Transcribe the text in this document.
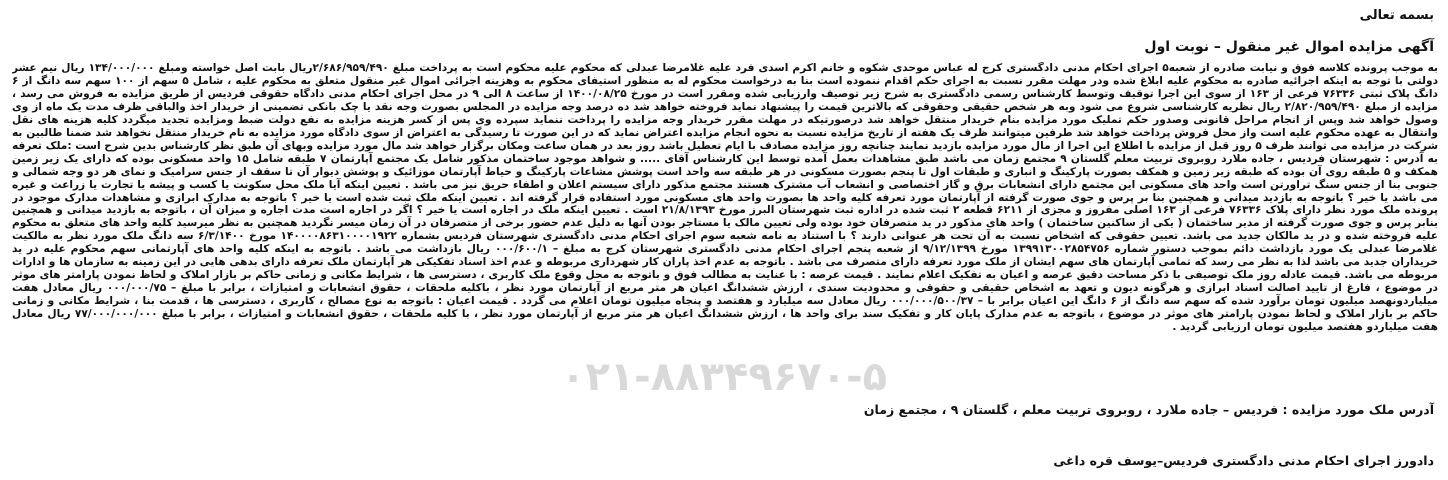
بسمه تعالی

آگهی مزایده اموال غیر منقول – نوبت اول

به موجب پرونده کلاسه فوق و نیابت صادره از شعبه۵ اجرای احکام مدنی دادگستری کرج له عباس موحدی شکوه و خانم اکرم اسدی فرد علیه غلامرضا عبدلی که محکوم علیه محکوم است به پرداخت مبلغ ۲/۶۸۶/۹۵۹/۴۹۰ریال بابت اصل خواسته ومبلغ ۱۳۴/۰۰۰/۰۰۰ ریال نیم عشر دولتی با توجه به اینکه اجرائیه صادره به محکوم علیه ابلاغ شده ودر مهلت مقرر نسبت به اجرای حکم اقدام ننموده است بنا به درخواست محکوم له به منظور استیفای محکوم به وهزینه اجرائی اموال غیر منقول متعلق به محکوم علیه ، شامل ۵ سهم از ۱۰۰ سهم سه دانگ از ۶ دانگ پلاک ثبتی ۷۶۳۳۶ فرعی از ۱۶۳ از سوی این اجرا توقیف وتوسط کارشناس رسمی دادگستری به شرح زیر توصیف وارزیابی شده ومقرر است در مورخ ۱۴۰۰/۰۸/۲۵ از ساعت ۸ الی ۹ در محل اجرای احکام مدنی دادگاه حقوقی فردیس از طریق مزایده به فروش می رسد ، مزایده از مبلغ ۲/۸۲۰/۹۵۹/۴۹۰ ریال نظریه کارشناسی شروع می شود وبه هر شخص حقیقی وحقوقی که بالاترین قیمت را پیشنهاد نماید فروخته خواهد شد ده درصد وجه مزایده در المجلس بصورت وجه نقد یا چک بانکی تضمینی از خریدار اخذ والباقی ظرف مدت یک ماه از وی وصول خواهد شد وپس از انجام مراحل قانونی وصدور حکم تملیک مورد مزایده بنام خریدار منتقل خواهد شد درصورتیکه در مهلت مقرر خریدار وجه مزایده را پرداخت ننماید سپرده وی پس از کسر هزینه مزایده به نفع دولت ضبط ومزایده تجدید میگردد کلیه هزینه های نقل وانتقال به عهده محکوم علیه است واز محل فروش پرداخت خواهد شد طرفین میتوانند ظرف یک هفته از تاریخ مزایده نسبت به نحوه انجام مزایده اعتراض نماید که در این صورت تا رسیدگی به اعتراض از سوی دادگاه مورد مزایده به نام خریدار منتقل نخواهد شد ضمنا طالبین به شرکت در مزایده می توانند ظرف ۵ روز قبل از مزایده با اطلاع این اجرا از مال مورد مزایده بازدید نمایند چنانچه روز مزایده مصادف با ایام تعطیل باشد روز بعد در همان ساعت ومکان برگزار خواهد شد مال مورد مزایده وبهای آن طبق نظر کارشناس بدین شرح است :ملک تعرفه به آدرس : شهرستان فردیس ، جاده ملارد روبروی تربیت معلم گلستان ۹ مجتمع زمان می باشد طبق مشاهدات بعمل آمده توسط این کارشناس آقای ..... و شواهد موجود ساختمان مذکور شامل یک مجتمع آپارتمان ۷ طبقه شامل ۱۵ واحد مسکونی بوده که دارای یک زیر زمین همکف و ۵ طبقه روی آن بوده که طبقه زیر زمین و همکف بصورت پارکینگ و انباری و طبقات اول تا پنجم بصورت مسکونی در هر طبقه سه واحد است پوشش مشاعات پارکینگ و حیاط آپارتمان موزائیک و پوشش دیوار آن تا سقف از جنس سرامیک و نمای هر دو وجه شمالی و جنوبی بنا از جنس سنگ تراورتن است واحد های مسکونی این مجتمع دارای انشعابات برق و گاز اختصاصی و انشعاب آب مشترک هستند مجتمع مذکور دارای سیستم اعلان و اطفاء حریق نیز می باشد . تعیین اینکه آیا ملک محل سکونت یا کسب و پیشه یا تجارت یا زراعت و غیره می باشد یا خیر ؟ باتوجه به بازدید میدانی و همچنین بنا بر پرس و جوی صورت گرفته از آپارتمان مورد تعرفه کلیه واحد ها بصورت واحد های مسکونی مورد استفاده قرار گرفته اند . تعیین اینکه ملک ثبت شده است یا خیر ؟ باتوجه به مدارک ابرازی و مشاهدات مدارک موجود در پرونده ملک مورد نظر دارای پلاک ۷۶۳۳۶ فرعی از ۱۶۳ اصلی مفروز و مجزی از ۶۲۱۱ قطعه ۲ ثبت شده در اداره ثبت شهرستان البرز مورخ ۲۱/۸/۱۳۹۳ است . تعیین اینکه ملک در اجاره است یا خیر ؟ اگر در اجاره است مدت اجاره و میزان آن ، باتوجه به بازدید میدانی و همچنین بنابر پرس و جوی صورت گرفته از مدیر ساختمان ( یکی از ساکنین ساختمان ) واحد های مذکور در ید متصرفان خود بوده ولی تعیین مالک یا مستاجر بودن آنها به دلیل عدم حضور برخی از متصرفان در آن زمان میسر نگردید همچنین به نظر میرسید کلیه واحد های متعلق به محکوم علیه فروخته شده و در ید مالکان جدید می باشد. تعیین حقوقی که اشخاص نسبت به آن تحت هر عنوانی دارند ؟ با استناد به نامه شعبه سوم اجرای احکام مدنی دادگستری شهرستان فردیس بشماره ۱۴۰۰۰۰۸۶۳۱۰۰۰۰۱۹۲۲ مورخ ۶/۳/۱۴۰۰ سه دانگ ملک مورد نظر به مالکیت غلامرضا عبدلی یک مورد بازداشت دائم بموجب دستور شماره ۱۳۹۹۱۳۰۰۲۸۵۴۷۵۶ مورخ ۹/۱۲/۱۳۹۹ از شعبه پنجم اجرای احکام مدنی دادگستری شهرستان کرج به مبلغ – ۰۰۰/۶۰۰/۱ ریال بازداشت می باشد . باتوجه به اینکه کلیه واحد های آپارتمانی سهم محکوم علیه در ید خریداران جدید می باشد لذا به نظر می رسد که تمامی آپارتمان های سهم ایشان از ملک مورد تعرفه دارای متصرف می باشد . باتوجه به عدم اخذ پاران کار شهرداری مربوطه و عدم اخذ اسناد تفکیکی هر آپارتمان ملک تعرفه دارای بدهی هایی در این زمینه به سازمان ها و ادارات مربوطه می باشد. قیمت عادله روز ملک توصیفی با ذکر مساحت دقیق عرصه و اعیان به تفکیک اعلام نمایند . قیمت عرصه : با عنایت به مطالب فوق و باتوجه به محل وقوع ملک کاربری ، دسترسی ها ، شرایط مکانی و زمانی حاکم بر بازار املاک و لحاظ نمودن پارامتر های موثر در موضوع ، فارغ از تایید اصالت اسناد ابرازی و هرگونه دیون و تعهد به اشخاص حقیقی و حقوقی و محدودیت سندی ، ارزش ششدانگ اعیان هر متر مربع از آپارتمان مورد نظر ، باکلیه ملحقات ، حقوق انشعابات و امتیازات ، برابر با مبلغ – ۰۰۰/۰۰۰/۷۵ ریال معادل هفت میلیاردونهصد میلیون تومان برآورد شده که سهم سه دانگ از ۶ دانگ این اعیان برابر با – ۰۰۰/۰۰۰/۵۰۰/۳۷ ریال معادل سه میلیارد و هفتصد و پنجاه میلیون تومان اعلام می گردد . قیمت اعیان : باتوجه به نوع مصالح ، کاربری ، دسترسی ها ، قدمت بنا ، شرایط مکانی و زمانی حاکم بر بازار املاک و لحاظ نمودن پارامتر های موثر در موضوع ، باتوجه به عدم مدارک پایان کار و تفکیک سند برای واحد ها ، ارزش ششدانگ اعیان هر متر مربع از آپارتمان مورد نظر ، با کلیه ملحقات ، حقوق انشعابات و امتیازات ، برابر با مبلغ ۷۷/۰۰۰/۰۰۰/۰۰۰ ریال معادل هفت میلیاردو هفتصد میلیون تومان ارزیابی گردید .

۰۲۱-۸۸۳۴۹۶۷۰-۵

آدرس ملک مورد مزایده : فردیس – جاده ملارد ، روبروی تربیت معلم ، گلستان ۹ ، مجتمع زمان

دادورز اجرای احکام مدنی دادگستری فردیس–یوسف قره داغی
